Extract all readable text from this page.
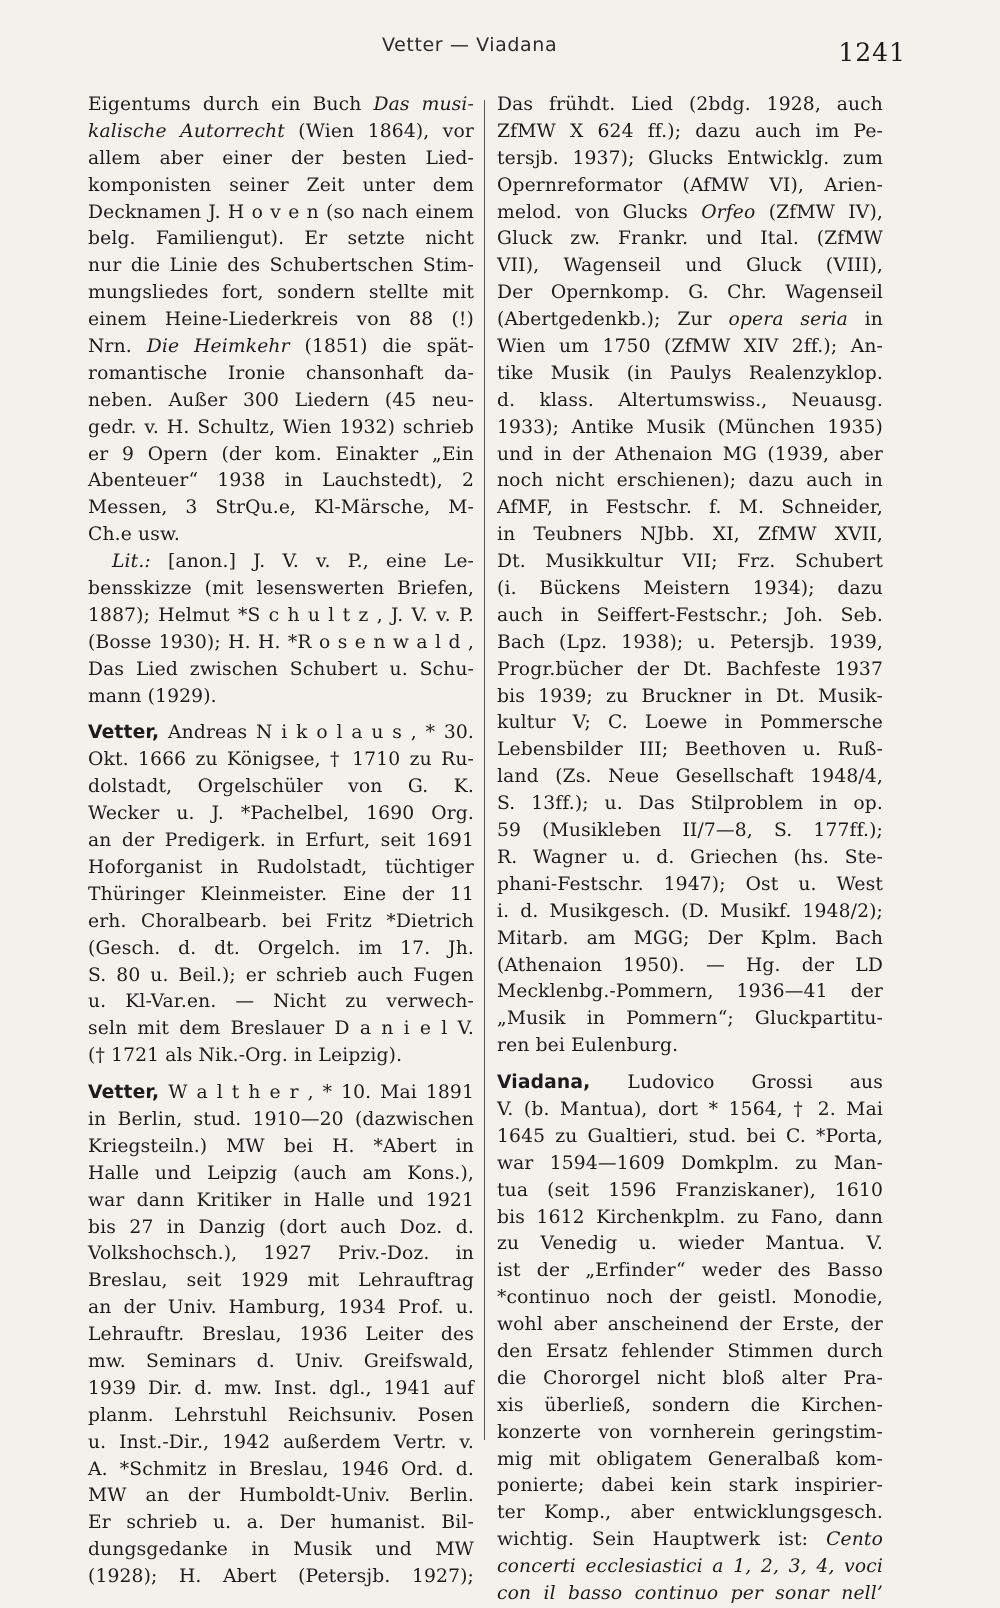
Vetter — Viadana	1241
Eigentums durch ein Buch Das musi-
kalische Autorrecht (Wien 1864), vor
allem aber einer der besten Lied-
komponisten seiner Zeit unter dem
Decknamen J. H o v e n (so nach einem
belg. Familiengut). Er setzte nicht
nur die Linie des Schubertschen Stim-
mungsliedes fort, sondern stellte mit
einem Heine-Liederkreis von 88 (!)
Nrn. Die Heimkehr (1851) die spät-
romantische Ironie chansonhaft da-
neben. Außer 300 Liedern (45 neu-
gedr. v. H. Schultz, Wien 1932) schrieb
er 9 Opern (der kom. Einakter „Ein
Abenteuer“ 1938 in Lauchstedt), 2
Messen, 3 StrQu.e, Kl-Märsche, M-
Ch.e usw.
Lit.: [anon.] J. V. v. P., eine Le-
bensskizze (mit lesenswerten Briefen,
1887); Helmut *S c h u l t z , J. V. v. P.
(Bosse 1930); H. H. *R o s e n w a l d ,
Das Lied zwischen Schubert u. Schu-
mann (1929).
Vetter, Andreas N i k o l a u s , * 30.
Okt. 1666 zu Königsee, † 1710 zu Ru-
dolstadt, Orgelschüler von G. K.
Wecker u. J. *Pachelbel, 1690 Org.
an der Predigerk. in Erfurt, seit 1691
Hoforganist in Rudolstadt, tüchtiger
Thüringer Kleinmeister. Eine der 11
erh. Choralbearb. bei Fritz *Dietrich
(Gesch. d. dt. Orgelch. im 17. Jh.
S. 80 u. Beil.); er schrieb auch Fugen
u. Kl-Var.en. — Nicht zu verwech-
seln mit dem Breslauer D a n i e l V.
(† 1721 als Nik.-Org. in Leipzig).
Vetter, W a l t h e r , * 10. Mai 1891
in Berlin, stud. 1910—20 (dazwischen
Kriegsteiln.) MW bei H. *Abert in
Halle und Leipzig (auch am Kons.),
war dann Kritiker in Halle und 1921
bis 27 in Danzig (dort auch Doz. d.
Volkshochsch.), 1927 Priv.-Doz. in
Breslau, seit 1929 mit Lehrauftrag
an der Univ. Hamburg, 1934 Prof. u.
Lehrauftr. Breslau, 1936 Leiter des
mw. Seminars d. Univ. Greifswald,
1939 Dir. d. mw. Inst. dgl., 1941 auf
planm. Lehrstuhl Reichsuniv. Posen
u. Inst.-Dir., 1942 außerdem Vertr. v.
A. *Schmitz in Breslau, 1946 Ord. d.
MW an der Humboldt-Univ. Berlin.
Er schrieb u. a. Der humanist. Bil-
dungsgedanke in Musik und MW
(1928); H. Abert (Petersjb. 1927);
Das frühdt. Lied (2bdg. 1928, auch
ZfMW X 624 ff.); dazu auch im Pe-
tersjb. 1937); Glucks Entwicklg. zum
Opernreformator (AfMW VI), Arien-
melod. von Glucks Orfeo (ZfMW IV),
Gluck zw. Frankr. und Ital. (ZfMW
VII), Wagenseil und Gluck (VIII),
Der Opernkomp. G. Chr. Wagenseil
(Abertgedenkb.); Zur opera seria in
Wien um 1750 (ZfMW XIV 2ff.); An-
tike Musik (in Paulys Realenzyklop.
d. klass. Altertumswiss., Neuausg.
1933); Antike Musik (München 1935)
und in der Athenaion MG (1939, aber
noch nicht erschienen); dazu auch in
AfMF, in Festschr. f. M. Schneider,
in Teubners NJbb. XI, ZfMW XVII,
Dt. Musikkultur VII; Frz. Schubert
(i. Bückens Meistern 1934); dazu
auch in Seiffert-Festschr.; Joh. Seb.
Bach (Lpz. 1938); u. Petersjb. 1939,
Progr.bücher der Dt. Bachfeste 1937
bis 1939; zu Bruckner in Dt. Musik-
kultur V; C. Loewe in Pommersche
Lebensbilder III; Beethoven u. Ruß-
land (Zs. Neue Gesellschaft 1948/4,
S. 13ff.); u. Das Stilproblem in op.
59 (Musikleben II/7—8, S. 177ff.);
R. Wagner u. d. Griechen (hs. Ste-
phani-Festschr. 1947); Ost u. West
i. d. Musikgesch. (D. Musikf. 1948/2);
Mitarb. am MGG; Der Kplm. Bach
(Athenaion 1950). — Hg. der LD
Mecklenbg.-Pommern, 1936—41 der
„Musik in Pommern“; Gluckpartitu-
ren bei Eulenburg.
Viadana, Ludovico Grossi aus
V. (b. Mantua), dort * 1564, † 2. Mai
1645 zu Gualtieri, stud. bei C. *Porta,
war 1594—1609 Domkplm. zu Man-
tua (seit 1596 Franziskaner), 1610
bis 1612 Kirchenkplm. zu Fano, dann
zu Venedig u. wieder Mantua. V.
ist der „Erfinder“ weder des Basso
*continuo noch der geistl. Monodie,
wohl aber anscheinend der Erste, der
den Ersatz fehlender Stimmen durch
die Chororgel nicht bloß alter Pra-
xis überließ, sondern die Kirchen-
konzerte von vornherein geringstim-
mig mit obligatem Generalbaß kom-
ponierte; dabei kein stark inspirier-
ter Komp., aber entwicklungsgesch.
wichtig. Sein Hauptwerk ist: Cento
concerti ecclesiastici a 1, 2, 3, 4, voci
con il basso continuo per sonar nell’
